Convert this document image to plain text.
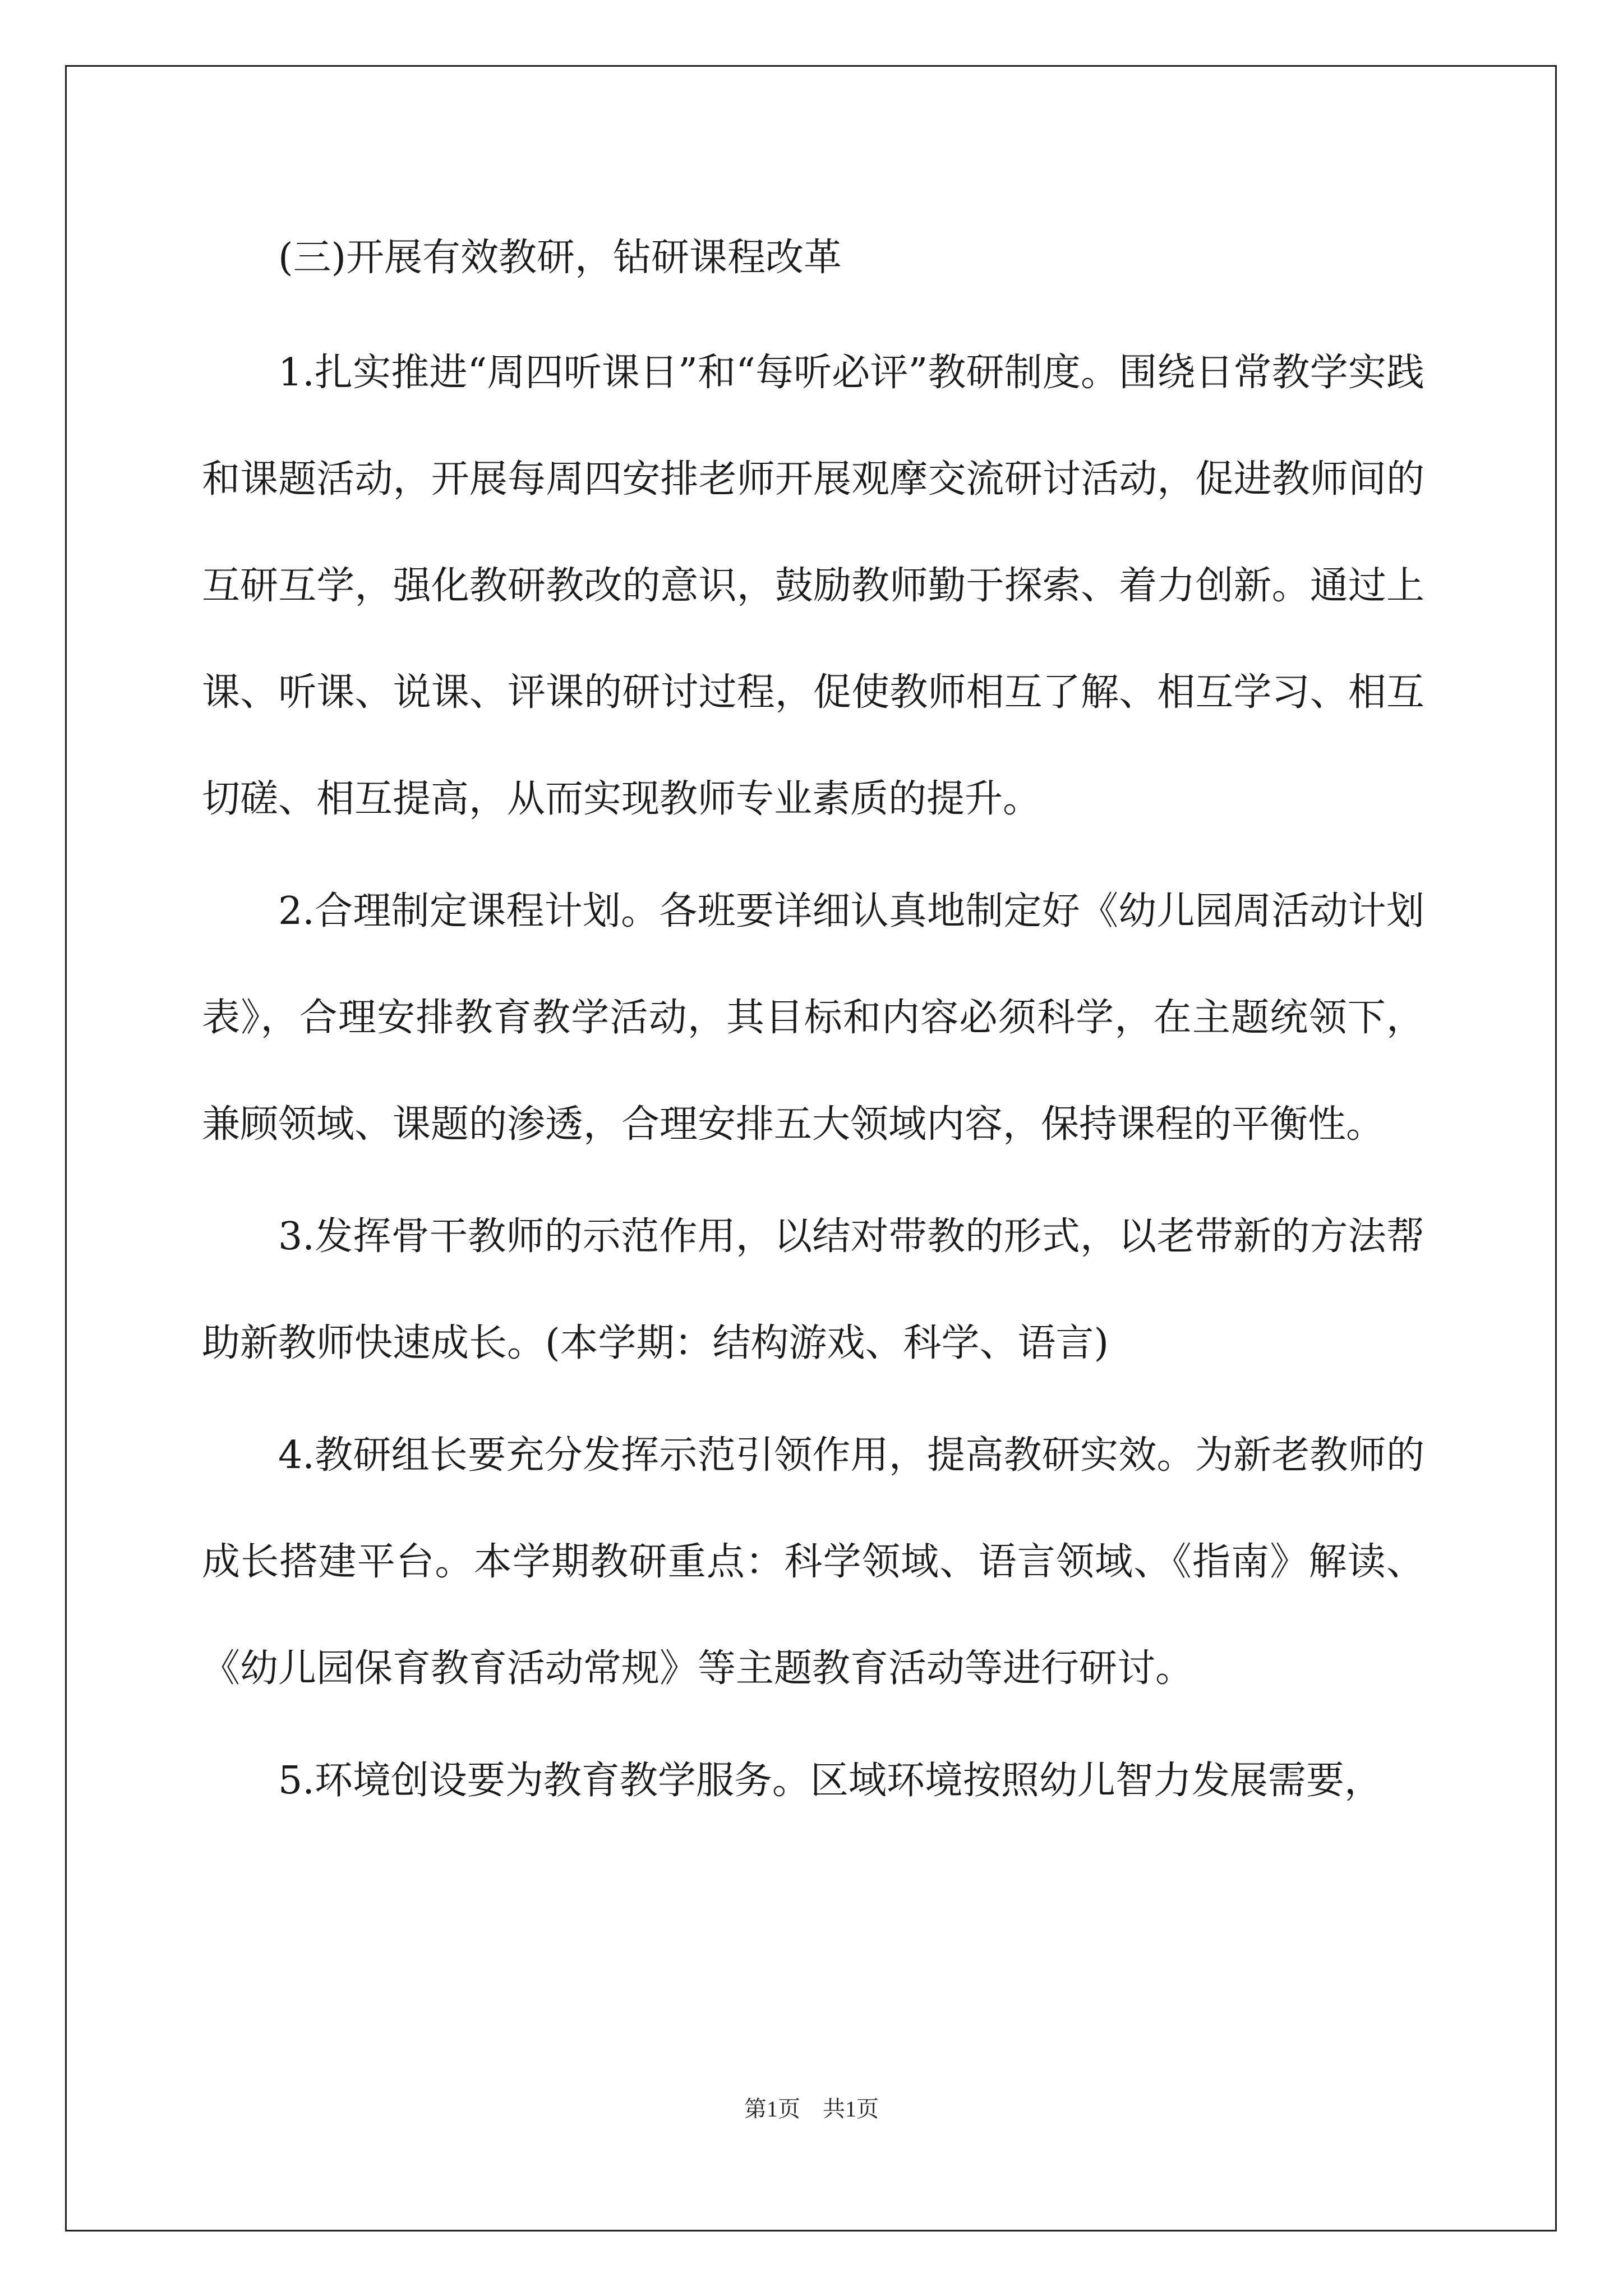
(三)开展有效教研，钻研课程改革

1.扎实推进“周四听课日”和“每听必评”教研制度。围绕日常教学实践和课题活动，开展每周四安排老师开展观摩交流研讨活动，促进教师间的互研互学，强化教研教改的意识，鼓励教师勤于探索、着力创新。通过上课、听课、说课、评课的研讨过程，促使教师相互了解、相互学习、相互切磋、相互提高，从而实现教师专业素质的提升。

2.合理制定课程计划。各班要详细认真地制定好《幼儿园周活动计划表》，合理安排教育教学活动，其目标和内容必须科学，在主题统领下，兼顾领域、课题的渗透，合理安排五大领域内容，保持课程的平衡性。

3.发挥骨干教师的示范作用，以结对带教的形式，以老带新的方法帮助新教师快速成长。(本学期：结构游戏、科学、语言)

4.教研组长要充分发挥示范引领作用，提高教研实效。为新老教师的成长搭建平台。本学期教研重点：科学领域、语言领域、《指南》解读、《幼儿园保育教育活动常规》等主题教育活动等进行研讨。

5.环境创设要为教育教学服务。区域环境按照幼儿智力发展需要，

第1页　共1页
